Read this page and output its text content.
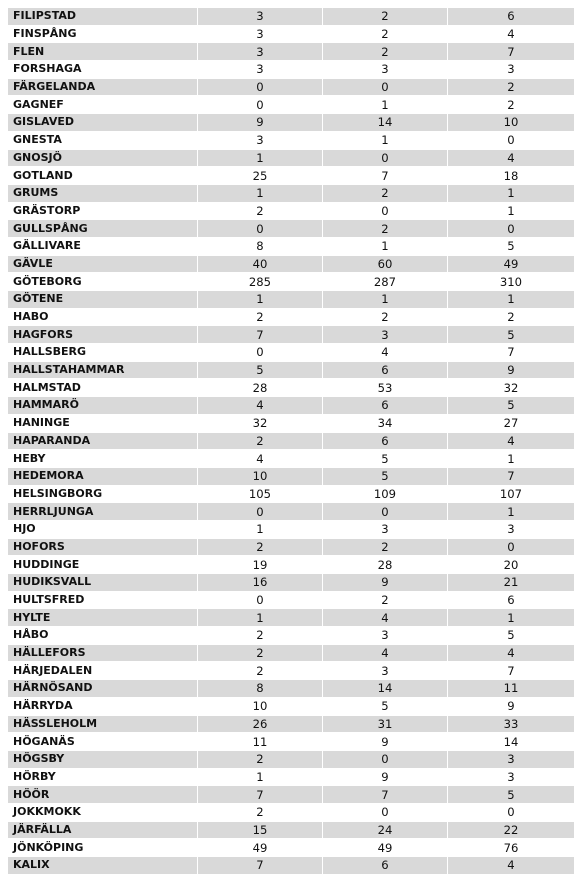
FILIPSTAD	3	2	6
FINSPÅNG	3	2	4
FLEN	3	2	7
FORSHAGA	3	3	3
FÄRGELANDA	0	0	2
GAGNEF	0	1	2
GISLAVED	9	14	10
GNESTA	3	1	0
GNOSJÖ	1	0	4
GOTLAND	25	7	18
GRUMS	1	2	1
GRÄSTORP	2	0	1
GULLSPÅNG	0	2	0
GÄLLIVARE	8	1	5
GÄVLE	40	60	49
GÖTEBORG	285	287	310
GÖTENE	1	1	1
HABO	2	2	2
HAGFORS	7	3	5
HALLSBERG	0	4	7
HALLSTAHAMMAR	5	6	9
HALMSTAD	28	53	32
HAMMARÖ	4	6	5
HANINGE	32	34	27
HAPARANDA	2	6	4
HEBY	4	5	1
HEDEMORA	10	5	7
HELSINGBORG	105	109	107
HERRLJUNGA	0	0	1
HJO	1	3	3
HOFORS	2	2	0
HUDDINGE	19	28	20
HUDIKSVALL	16	9	21
HULTSFRED	0	2	6
HYLTE	1	4	1
HÅBO	2	3	5
HÄLLEFORS	2	4	4
HÄRJEDALEN	2	3	7
HÄRNÖSAND	8	14	11
HÄRRYDA	10	5	9
HÄSSLEHOLM	26	31	33
HÖGANÄS	11	9	14
HÖGSBY	2	0	3
HÖRBY	1	9	3
HÖÖR	7	7	5
JOKKMOKK	2	0	0
JÄRFÄLLA	15	24	22
JÖNKÖPING	49	49	76
KALIX	7	6	4
